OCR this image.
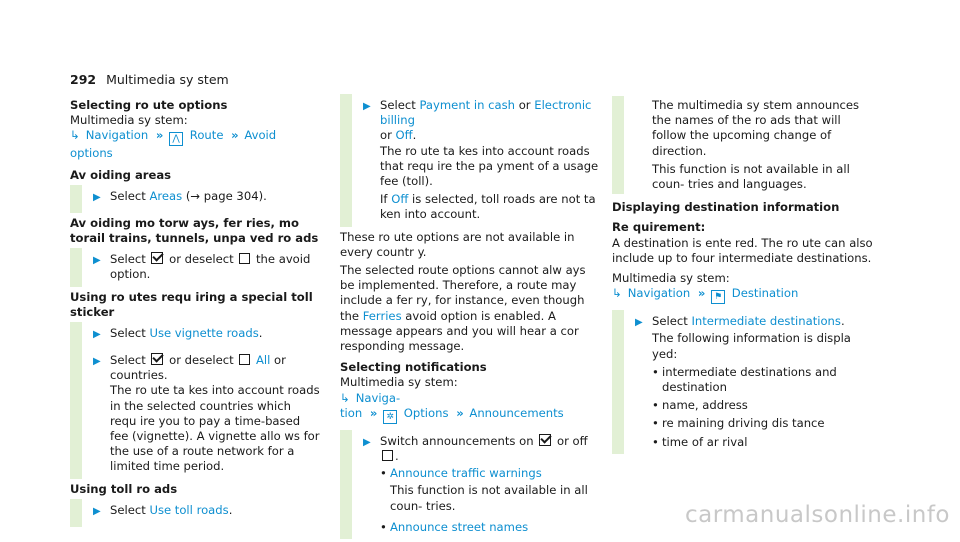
292 Multimedia sy stem

Selecting ro ute options

Multimedia sy stem:

↳ Navigation » ⋀ Route » Avoid

options

Av oiding areas

▶ Select Areas (→ page 304).

Av oiding mo torw ays, fer ries, mo torail trains, tunnels, unpa ved ro ads

▶ Select  or deselect  the avoid option.

Using ro utes requ iring a special toll sticker

▶ Select Use vignette roads.
▶ Select  or deselect  All or countries.

The ro ute ta kes into account roads in the selected countries which requ ire you to pay a time-based fee (vignette). A vignette allo ws for the use of a route network for a limited time period.

Using toll ro ads

▶ Select Use toll roads.
▶ Select Payment in cash or Electronic billing

or Off.

The ro ute ta kes into account roads that requ ire the pa yment of a usage fee (toll).

If Off is selected, toll roads are not ta ken into account.

These ro ute options are not available in every countr y.

The selected route options cannot alw ays be implemented. Therefore, a route may include a fer ry, for instance, even though the Ferries avoid option is enabled. A message appears and you will hear a cor responding message.

Selecting notifications

Multimedia sy stem:

↳ Naviga-

tion » ✲ Options » Announcements

▶ Switch announcements on  or off .
• Announce traffic warnings

This function is not available in all coun- tries.

• Announce street names

The multimedia sy stem announces the names of the ro ads that will follow the upcoming change of direction.

This function is not available in all coun- tries and languages.

Displaying destination information

Re quirement:

A destination is ente red. The ro ute can also include up to four intermediate destinations.

Multimedia sy stem:

↳ Navigation » ⚑ Destination

▶ Select Intermediate destinations.

The following information is displa yed:

• intermediate destinations and destination
• name, address
• re maining driving dis tance
• time of ar rival
carmanualsonline.info
